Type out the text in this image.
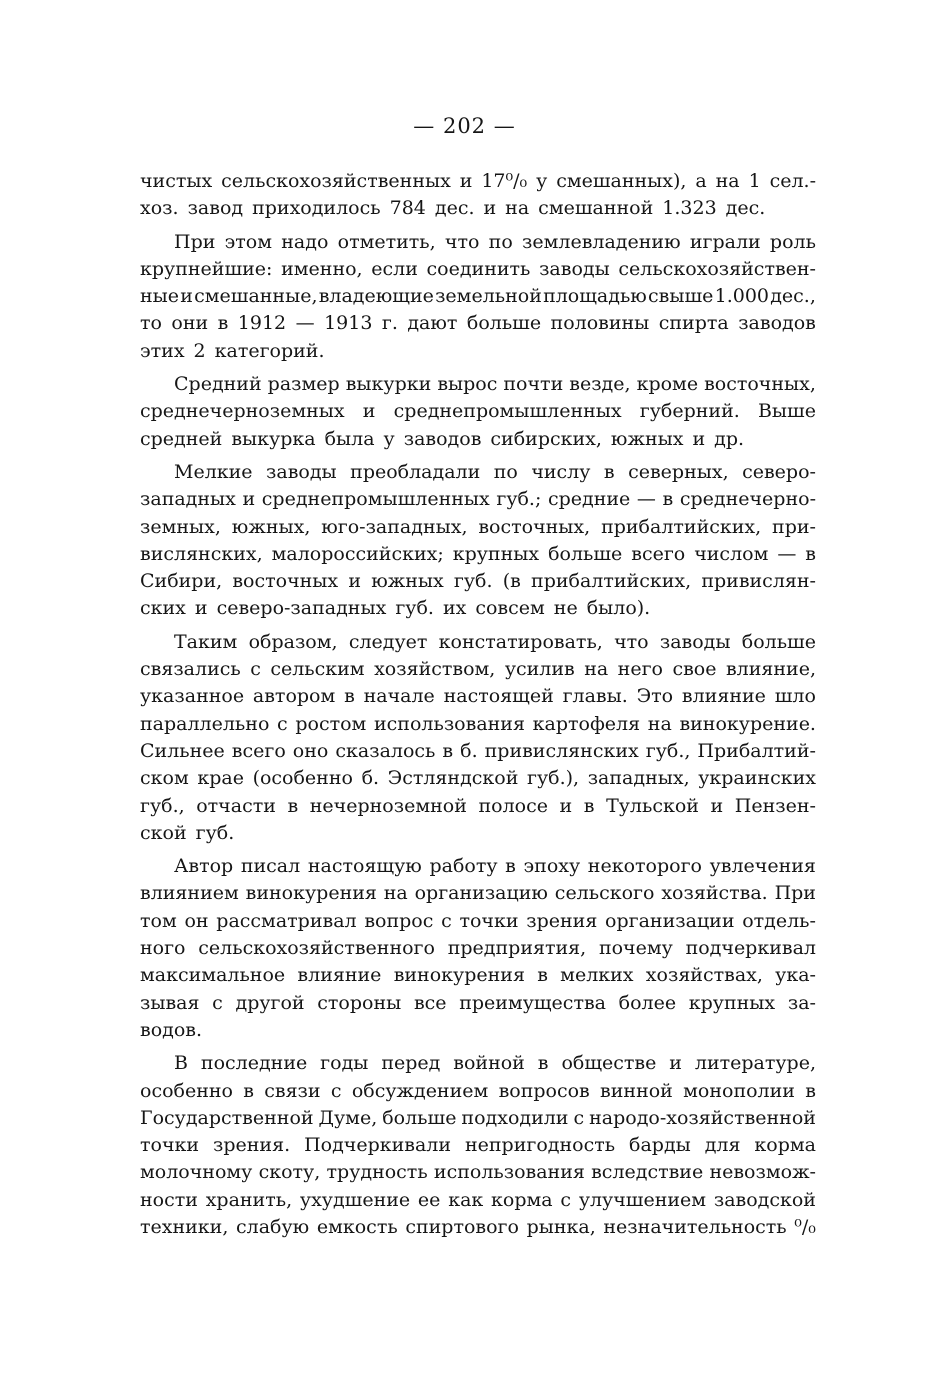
— 202 —
чистых сельскохозяйственных и 17⁰/₀ у смешанных), а на 1 сел.-
хоз. завод приходилось 784 дес. и на смешанной 1.323 дес.
При этом надо отметить, что по землевладению играли роль
крупнейшие: именно, если соединить заводы сельскохозяйствен-
ные и смешанные, владеющие земельной площадью свыше 1.000 дес.,
то они в 1912 — 1913 г. дают больше половины спирта заводов
этих 2 категорий.
Средний размер выкурки вырос почти везде, кроме восточных,
среднечерноземных и среднепромышленных губерний. Выше
средней выкурка была у заводов сибирских, южных и др.
Мелкие заводы преобладали по числу в северных, северо-
западных и среднепромышленных губ.; средние — в среднечерно-
земных, южных, юго-западных, восточных, прибалтийских, при-
вислянских, малороссийских; крупных больше всего числом — в
Сибири, восточных и южных губ. (в прибалтийских, привислян-
ских и северо-западных губ. их совсем не было).
Таким образом, следует констатировать, что заводы больше
связались с сельским хозяйством, усилив на него свое влияние,
указанное автором в начале настоящей главы. Это влияние шло
параллельно с ростом использования картофеля на винокурение.
Сильнее всего оно сказалось в б. привислянских губ., Прибалтий-
ском крае (особенно б. Эстляндской губ.), западных, украинских
губ., отчасти в нечерноземной полосе и в Тульской и Пензен-
ской губ.
Автор писал настоящую работу в эпоху некоторого увлечения
влиянием винокурения на организацию сельского хозяйства. При
том он рассматривал вопрос с точки зрения организации отдель-
ного сельскохозяйственного предприятия, почему подчеркивал
максимальное влияние винокурения в мелких хозяйствах, ука-
зывая с другой стороны все преимущества более крупных за-
водов.
В последние годы перед войной в обществе и литературе,
особенно в связи с обсуждением вопросов винной монополии в
Государственной Думе, больше подходили с народо-хозяйственной
точки зрения. Подчеркивали непригодность барды для корма
молочному скоту, трудность использования вследствие невозмож-
ности хранить, ухудшение ее как корма с улучшением заводской
техники, слабую емкость спиртового рынка, незначительность ⁰/₀
